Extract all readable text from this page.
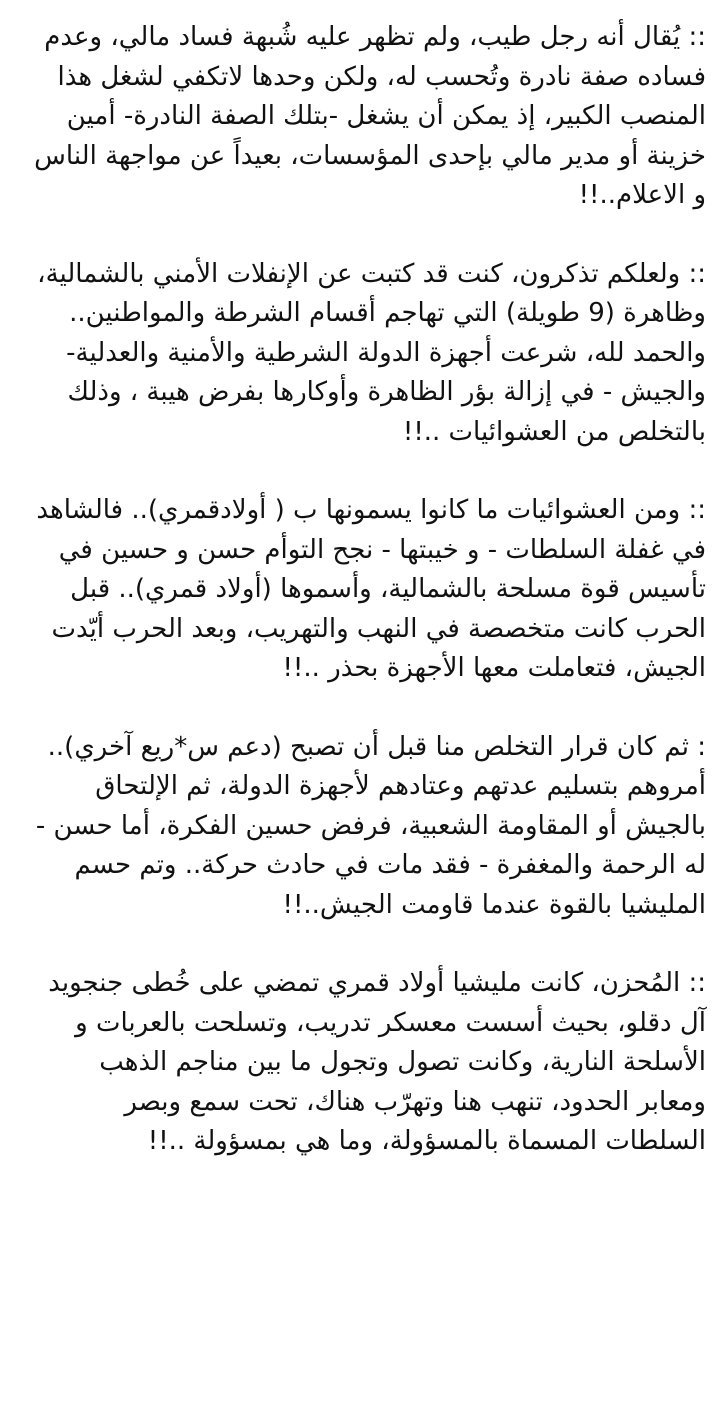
:: يُقال أنه رجل طيب، ولم تظهر عليه شُبهة فساد مالي، وعدم فساده صفة نادرة وتُحسب له، ولكن وحدها لاتكفي لشغل هذا المنصب الكبير، إذ يمكن أن يشغل -بتلك الصفة النادرة- أمين خزينة أو مدير مالي بإحدى المؤسسات، بعيداً عن مواجهة الناس و الاعلام..!!

:: ولعلكم تذكرون، كنت قد كتبت عن الإنفلات الأمني بالشمالية، وظاهرة (9 طويلة) التي تهاجم أقسام الشرطة والمواطنين.. والحمد لله، شرعت أجهزة الدولة الشرطية والأمنية والعدلية- والجيش - في إزالة بؤر الظاهرة وأوكارها بفرض هيبة ، وذلك بالتخلص من العشوائيات ..!!

:: ومن العشوائيات ما كانوا يسمونها ب ( أولادقمري).. فالشاهد في غفلة السلطات - و خيبتها - نجح التوأم حسن و حسين في تأسيس قوة مسلحة بالشمالية، وأسموها (أولاد قمري).. قبل الحرب كانت متخصصة في النهب والتهريب، وبعد الحرب أيّدت الجيش، فتعاملت معها الأجهزة بحذر ..!!

: ثم كان قرار التخلص منا قبل أن تصبح (دعم س*ريع آخري).. أمروهم بتسليم عدتهم وعتادهم لأجهزة الدولة، ثم الإلتحاق بالجيش أو المقاومة الشعبية، فرفض حسين الفكرة، أما حسن - له الرحمة والمغفرة - فقد مات في حادث حركة.. وتم حسم المليشيا بالقوة عندما قاومت الجيش..!!

:: المُحزن، كانت مليشيا أولاد قمري تمضي على خُطى جنجويد آل دقلو، بحيث أسست معسكر تدريب، وتسلحت بالعربات و الأسلحة النارية، وكانت تصول وتجول ما بين مناجم الذهب ومعابر الحدود، تنهب هنا وتهرّب هناك، تحت سمع وبصر السلطات المسماة بالمسؤولة، وما هي بمسؤولة ..!!
